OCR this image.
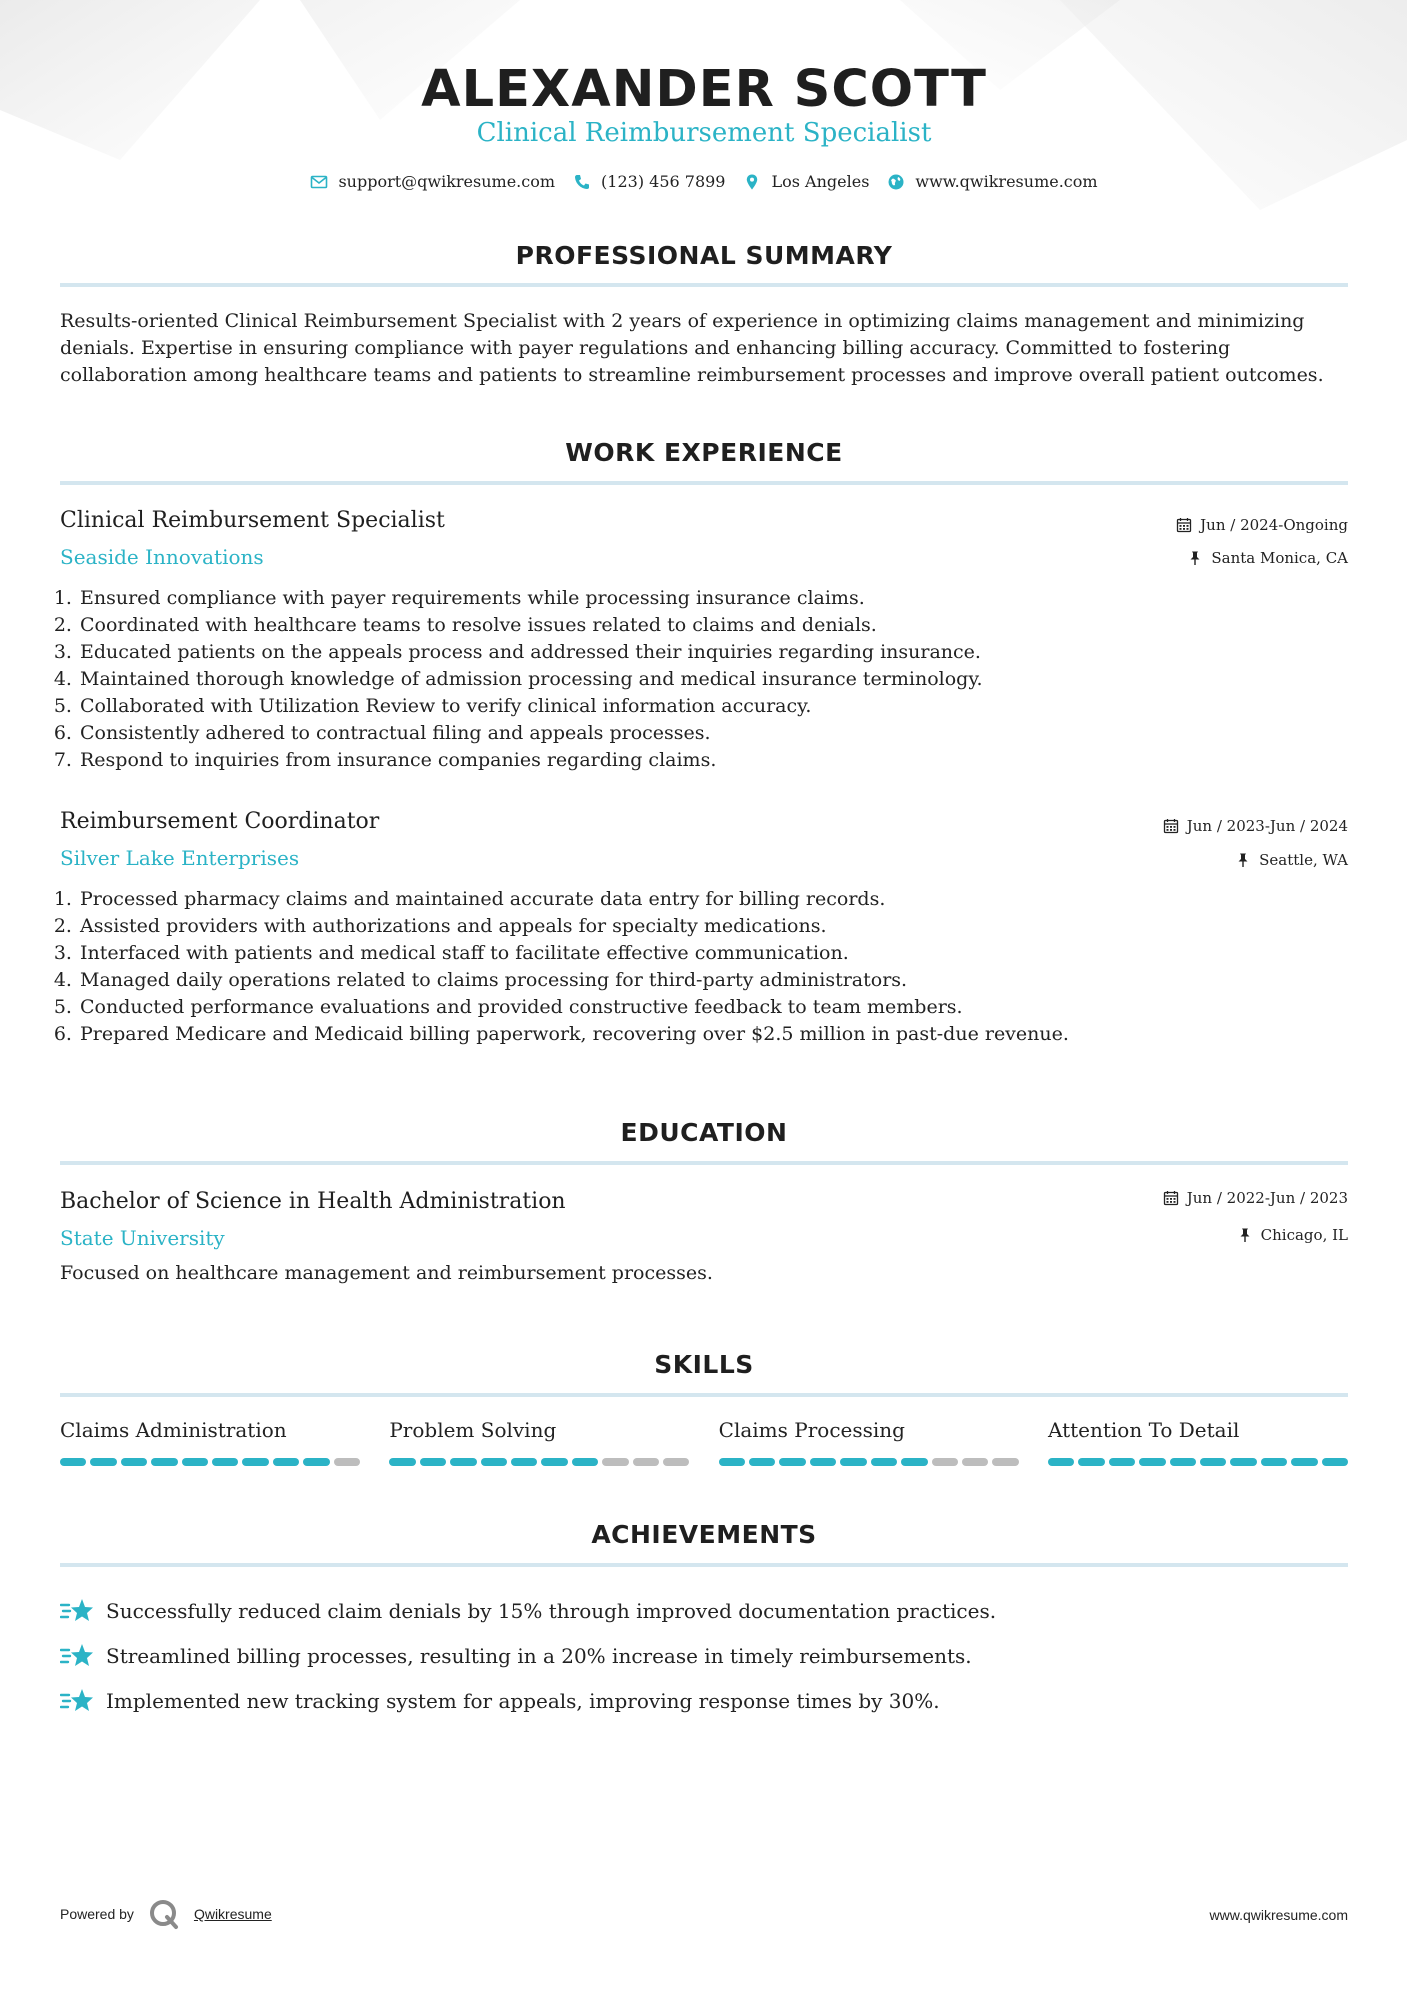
ALEXANDER SCOTT
Clinical Reimbursement Specialist
support@qwikresume.com	(123) 456 7899	Los Angeles	www.qwikresume.com
PROFESSIONAL SUMMARY
Results-oriented Clinical Reimbursement Specialist with 2 years of experience in optimizing claims management and minimizing denials. Expertise in ensuring compliance with payer regulations and enhancing billing accuracy. Committed to fostering collaboration among healthcare teams and patients to streamline reimbursement processes and improve overall patient outcomes.
WORK EXPERIENCE
Clinical Reimbursement Specialist	Jun / 2024-Ongoing
Seaside Innovations	Santa Monica, CA
1. Ensured compliance with payer requirements while processing insurance claims.
2. Coordinated with healthcare teams to resolve issues related to claims and denials.
3. Educated patients on the appeals process and addressed their inquiries regarding insurance.
4. Maintained thorough knowledge of admission processing and medical insurance terminology.
5. Collaborated with Utilization Review to verify clinical information accuracy.
6. Consistently adhered to contractual filing and appeals processes.
7. Respond to inquiries from insurance companies regarding claims.
Reimbursement Coordinator	Jun / 2023-Jun / 2024
Silver Lake Enterprises	Seattle, WA
1. Processed pharmacy claims and maintained accurate data entry for billing records.
2. Assisted providers with authorizations and appeals for specialty medications.
3. Interfaced with patients and medical staff to facilitate effective communication.
4. Managed daily operations related to claims processing for third-party administrators.
5. Conducted performance evaluations and provided constructive feedback to team members.
6. Prepared Medicare and Medicaid billing paperwork, recovering over $2.5 million in past-due revenue.
EDUCATION
Bachelor of Science in Health Administration	Jun / 2022-Jun / 2023
State University	Chicago, IL
Focused on healthcare management and reimbursement processes.
SKILLS
Claims Administration	Problem Solving	Claims Processing	Attention To Detail
ACHIEVEMENTS
Successfully reduced claim denials by 15% through improved documentation practices.
Streamlined billing processes, resulting in a 20% increase in timely reimbursements.
Implemented new tracking system for appeals, improving response times by 30%.
Powered by	Qwikresume	www.qwikresume.com
